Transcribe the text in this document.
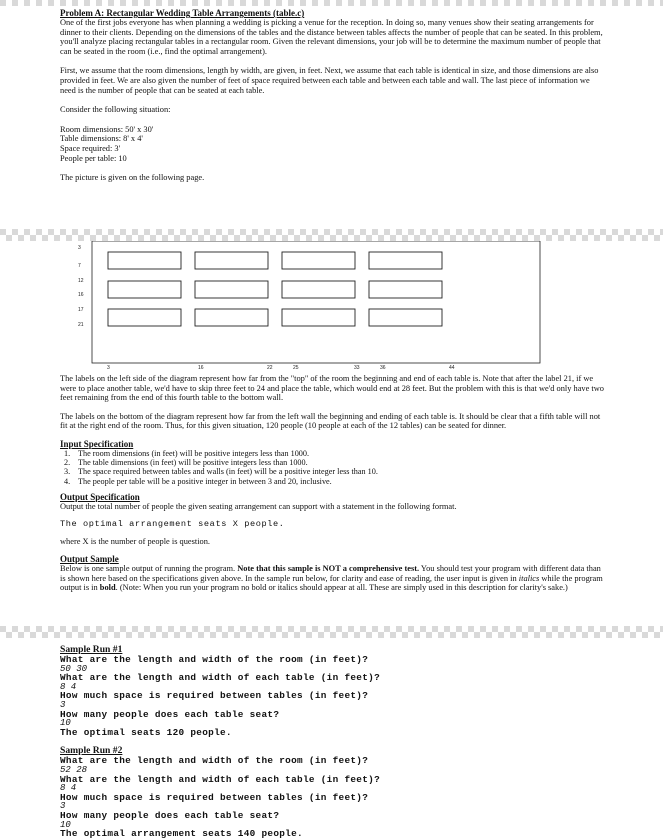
Problem A: Rectangular Wedding Table Arrangements (table.c)

One of the first jobs everyone has when planning a wedding is picking a venue for the reception. In doing so, many venues show their seating arrangements for dinner to their clients. Depending on the dimensions of the tables and the distance between tables affects the number of people that can be seated. In this problem, you'll analyze placing rectangular tables in a rectangular room. Given the relevant dimensions, your job will be to determine the maximum number of people that can be seated in the room (i.e., find the optimal arrangement).

First, we assume that the room dimensions, length by width, are given, in feet. Next, we assume that each table is identical in size, and those dimensions are also provided in feet. We are also given the number of feet of space required between each table and between each table and wall. The last piece of information we need is the number of people that can be seated at each table.

Consider the following situation:

Room dimensions: 50' x 30'

Table dimensions: 8' x 4'

Space required: 3'

People per table: 10

The picture is given on the following page.

3
7
12
16
17
21
3	16	22	25	33	36	44

The labels on the left side of the diagram represent how far from the "top" of the room the beginning and end of each table is. Note that after the label 21, if we were to place another table, we'd have to skip three feet to 24 and place the table, which would end at 28 feet. But the problem with this is that we'd only have two feet remaining from the end of this fourth table to the bottom wall.

The labels on the bottom of the diagram represent how far from the left wall the beginning and ending of each table is. It should be clear that a fifth table will not fit at the right end of the room. Thus, for this given situation, 120 people (10 people at each of the 12 tables) can be seated for dinner.

Input Specification

1. The room dimensions (in feet) will be positive integers less than 1000.
2. The table dimensions (in feet) will be positive integers less than 1000.
3. The space required between tables and walls (in feet) will be a positive integer less than 10.
4. The people per table will be a positive integer in between 3 and 20, inclusive.

Output Specification

Output the total number of people the given seating arrangement can support with a statement in the following format.

The optimal arrangement seats X people.

where X is the number of people is question.

Output Sample

Below is one sample output of running the program. Note that this sample is NOT a comprehensive test. You should test your program with different data than is shown here based on the specifications given above. In the sample run below, for clarity and ease of reading, the user input is given in italics while the program output is in bold. (Note: When you run your program no bold or italics should appear at all. These are simply used in this description for clarity's sake.)

Sample Run #1

What are the length and width of the room (in feet)?

50 30

What are the length and width of each table (in feet)?

8 4

How much space is required between tables (in feet)?

3

How many people does each table seat?

10

The optimal seats 120 people.

Sample Run #2

What are the length and width of the room (in feet)?

52 28

What are the length and width of each table (in feet)?

8 4

How much space is required between tables (in feet)?

3

How many people does each table seat?

10

The optimal arrangement seats 140 people.
